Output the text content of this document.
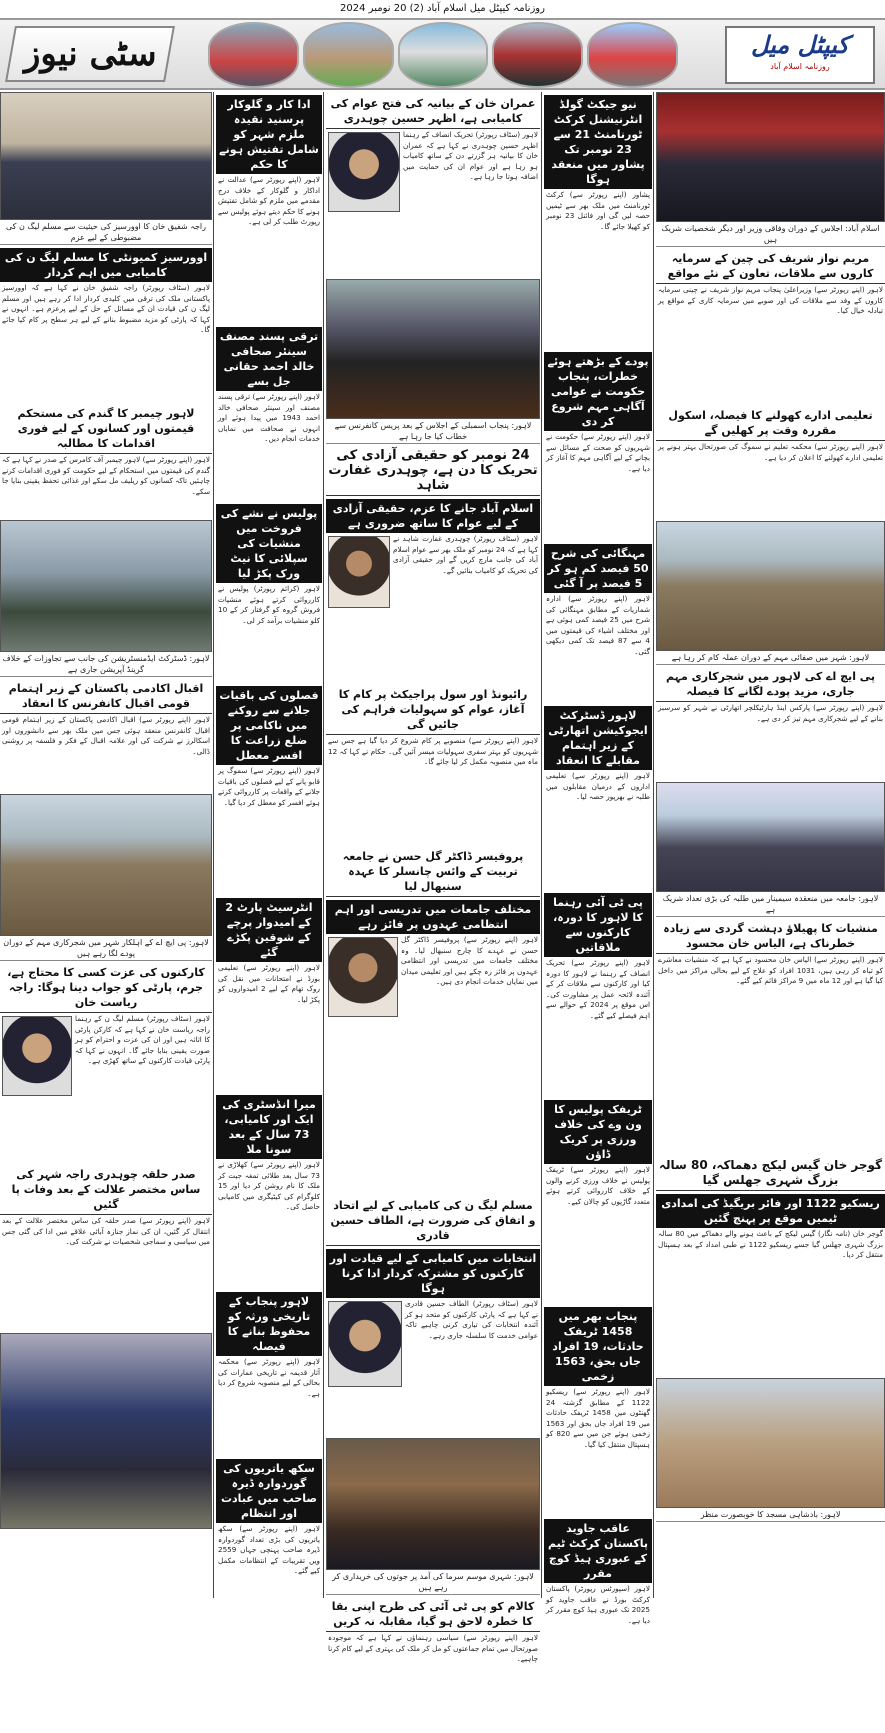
روزنامہ کیپٹل میل اسلام آباد (2) 20 نومبر 2024
سٹی نیوز	کیپٹل میل
روزنامہ اسلام آباد
راجہ شفیق خان کا اوورسیز کی حیثیت سے مسلم لیگ ن کی مضبوطی کے لیے عزم
اوورسیز کمیونٹی کا مسلم لیگ ن کی کامیابی میں اہم کردار
لاہور (سٹاف رپورٹر) راجہ شفیق خان نے کہا ہے کہ اوورسیز پاکستانی ملک کی ترقی میں کلیدی کردار ادا کر رہے ہیں اور مسلم لیگ ن کی قیادت ان کے مسائل کے حل کے لیے پرعزم ہے۔ انہوں نے کہا کہ پارٹی کو مزید مضبوط بنانے کے لیے ہر سطح پر کام کیا جائے گا۔
لاہور چیمبر کا گندم کی مستحکم قیمتوں اور کسانوں کے لیے فوری اقدامات کا مطالبہ
لاہور (اپنے رپورٹر سے) لاہور چیمبر آف کامرس کے صدر نے کہا ہے کہ گندم کی قیمتوں میں استحکام کے لیے حکومت کو فوری اقدامات کرنے چاہئیں تاکہ کسانوں کو ریلیف مل سکے اور غذائی تحفظ یقینی بنایا جا سکے۔
لاہور: ڈسٹرکٹ ایڈمنسٹریشن کی جانب سے تجاوزات کے خلاف گرینڈ آپریشن جاری ہے
اقبال اکادمی پاکستان کے زیر اہتمام قومی اقبال کانفرنس کا انعقاد
لاہور (اپنے رپورٹر سے) اقبال اکادمی پاکستان کے زیر اہتمام قومی اقبال کانفرنس منعقد ہوئی جس میں ملک بھر سے دانشوروں اور اسکالرز نے شرکت کی اور علامہ اقبال کے فکر و فلسفہ پر روشنی ڈالی۔
لاہور: پی ایچ اے کے اہلکار شہر میں شجرکاری مہم کے دوران پودے لگا رہے ہیں
کارکنوں کی عزت کسی کا محتاج ہے، جرم، پارٹی کو جواب دینا ہوگا: راجہ ریاست خان
لاہور (سٹاف رپورٹر) مسلم لیگ ن کے رہنما راجہ ریاست خان نے کہا ہے کہ کارکن پارٹی کا اثاثہ ہیں اور ان کی عزت و احترام کو ہر صورت یقینی بنایا جائے گا۔ انہوں نے کہا کہ پارٹی قیادت کارکنوں کے ساتھ کھڑی ہے۔
صدر حلقہ چوہدری راجہ شہر کی ساس مختصر علالت کے بعد وفات پا گئیں
لاہور (اپنے رپورٹر سے) صدر حلقہ کی ساس مختصر علالت کے بعد انتقال کر گئیں، ان کی نماز جنازہ آبائی علاقے میں ادا کی گئی جس میں سیاسی و سماجی شخصیات نے شرکت کی۔
ادا کار و گلوکار پرسنید نقیدہ ملزم شہر کو شامل تفتیش ہونے کا حکم
لاہور (اپنے رپورٹر سے) عدالت نے اداکار و گلوکار کے خلاف درج مقدمے میں ملزم کو شامل تفتیش ہونے کا حکم دیتے ہوئے پولیس سے رپورٹ طلب کر لی ہے۔
ترقی پسند مصنف سینئر صحافی خالد احمد حقانی جل بسے
لاہور (اپنے رپورٹر سے) ترقی پسند مصنف اور سینئر صحافی خالد احمد 1943 میں پیدا ہوئے اور انہوں نے صحافت میں نمایاں خدمات انجام دیں۔
پولیس نے نشے کی فروخت میں منشیات کی سپلائی کا نیٹ ورک پکڑ لیا
لاہور (کرائم رپورٹر) پولیس نے کارروائی کرتے ہوئے منشیات فروش گروہ کو گرفتار کر کے 10 کلو منشیات برآمد کر لی۔
فصلوں کی باقیات جلانے سے روکنے میں ناکامی پر ضلع زراعت کا افسر معطل
لاہور (اپنے رپورٹر سے) سموگ پر قابو پانے کے لیے فصلوں کی باقیات جلانے کے واقعات پر کارروائی کرتے ہوئے افسر کو معطل کر دیا گیا۔
انٹرسیٹ پارٹ 2 کے امیدوار پرچے کے شوقین پکڑے گئے
لاہور (اپنے رپورٹر سے) تعلیمی بورڈ نے امتحانات میں نقل کی روک تھام کے لیے 2 امیدواروں کو پکڑ لیا۔
میرا انڈسٹری کی ایک اور کامیابی، 73 سال کے بعد سونا ملا
لاہور (اپنے رپورٹر سے) کھلاڑی نے 73 سال بعد طلائی تمغہ جیت کر ملک کا نام روشن کر دیا اور 15 کلوگرام کی کیٹیگری میں کامیابی حاصل کی۔
لاہور پنجاب کے تاریخی ورثہ کو محفوظ بنانے کا فیصلہ
لاہور (اپنے رپورٹر سے) محکمہ آثار قدیمہ نے تاریخی عمارات کی بحالی کے لیے منصوبہ شروع کر دیا ہے۔
سکھ یاتریوں کی گوردوارہ ڈیرہ صاحب میں عبادت اور انتظام
لاہور (اپنے رپورٹر سے) سکھ یاتریوں کی بڑی تعداد گوردوارہ ڈیرہ صاحب پہنچی جہاں 2559 ویں تقریبات کے انتظامات مکمل کیے گئے۔
عمران خان کے بیانیہ کی فتح عوام کی کامیابی ہے، اظہر حسین چوہدری
لاہور (سٹاف رپورٹر) تحریک انصاف کے رہنما اظہر حسین چوہدری نے کہا ہے کہ عمران خان کا بیانیہ ہر گزرتے دن کے ساتھ کامیاب ہو رہا ہے اور عوام ان کی حمایت میں اضافہ ہوتا جا رہا ہے۔
لاہور: پنجاب اسمبلی کے اجلاس کے بعد پریس کانفرنس سے خطاب کیا جا رہا ہے
24 نومبر کو حقیقی آزادی کی تحریک کا دن ہے، چوہدری غفارت شاہد
اسلام آباد جانے کا عزم، حقیقی آزادی کے لیے عوام کا ساتھ ضروری ہے
لاہور (سٹاف رپورٹر) چوہدری غفارت شاہد نے کہا ہے کہ 24 نومبر کو ملک بھر سے عوام اسلام آباد کی جانب مارچ کریں گے اور حقیقی آزادی کی تحریک کو کامیاب بنائیں گے۔
رائیونڈ اور سول پراجیکٹ پر کام کا آغاز، عوام کو سہولیات فراہم کی جائیں گی
لاہور (اپنے رپورٹر سے) منصوبے پر کام شروع کر دیا گیا ہے جس سے شہریوں کو بہتر سفری سہولیات میسر آئیں گی۔ حکام نے کہا کہ 12 ماہ میں منصوبہ مکمل کر لیا جائے گا۔
پروفیسر ڈاکٹر گل حسن نے جامعہ تربیت کے وائس چانسلر کا عہدہ سنبھال لیا
مختلف جامعات میں تدریسی اور اہم انتظامی عہدوں پر فائز رہے
لاہور (اپنے رپورٹر سے) پروفیسر ڈاکٹر گل حسن نے عہدے کا چارج سنبھال لیا۔ وہ مختلف جامعات میں تدریسی اور انتظامی عہدوں پر فائز رہ چکے ہیں اور تعلیمی میدان میں نمایاں خدمات انجام دی ہیں۔
مسلم لیگ ن کی کامیابی کے لیے اتحاد و اتفاق کی ضرورت ہے، الطاف حسین قادری
انتخابات میں کامیابی کے لیے قیادت اور کارکنوں کو مشترکہ کردار ادا کرنا ہوگا
لاہور (سٹاف رپورٹر) الطاف حسین قادری نے کہا ہے کہ پارٹی کارکنوں کو متحد ہو کر آئندہ انتخابات کی تیاری کرنی چاہیے تاکہ عوامی خدمت کا سلسلہ جاری رہے۔
لاہور: شہری موسم سرما کی آمد پر جوتوں کی خریداری کر رہے ہیں
کالام کو پی ٹی آئی کی طرح اپنی بقا کا خطرہ لاحق ہو گیا، مقابلہ نہ کریں
لاہور (اپنے رپورٹر سے) سیاسی رہنماؤں نے کہا ہے کہ موجودہ صورتحال میں تمام جماعتوں کو مل کر ملک کی بہتری کے لیے کام کرنا چاہیے۔
نیو جیکٹ گولڈ انٹرنیشنل کرکٹ ٹورنامنٹ 21 سے 23 نومبر تک پشاور میں منعقد ہوگا
پشاور (اپنے رپورٹر سے) کرکٹ ٹورنامنٹ میں ملک بھر سے ٹیمیں حصہ لیں گی اور فائنل 23 نومبر کو کھیلا جائے گا۔
پودے کے بڑھتے ہوئے خطرات، پنجاب حکومت نے عوامی آگاہی مہم شروع کر دی
لاہور (اپنے رپورٹر سے) حکومت نے شہریوں کو صحت کے مسائل سے بچانے کے لیے آگاہی مہم کا آغاز کر دیا ہے۔
مہنگائی کی شرح 50 فیصد کم ہو کر 5 فیصد پر آ گئی
لاہور (اپنے رپورٹر سے) ادارہ شماریات کے مطابق مہنگائی کی شرح میں 25 فیصد کمی ہوئی ہے اور مختلف اشیاء کی قیمتوں میں 4 سے 87 فیصد تک کمی دیکھی گئی۔
لاہور ڈسٹرکٹ ایجوکیشن اتھارٹی کے زیر اہتمام مقابلے کا انعقاد
لاہور (اپنے رپورٹر سے) تعلیمی اداروں کے درمیان مقابلوں میں طلبہ نے بھرپور حصہ لیا۔
پی ٹی آئی رہنما کا لاہور کا دورہ، کارکنوں سے ملاقاتیں
لاہور (اپنے رپورٹر سے) تحریک انصاف کے رہنما نے لاہور کا دورہ کیا اور کارکنوں سے ملاقات کر کے آئندہ لائحہ عمل پر مشاورت کی۔ اس موقع پر 2024 کے حوالے سے اہم فیصلے کیے گئے۔
ٹریفک پولیس کا ون وے کی خلاف ورزی پر کریک ڈاؤن
لاہور (اپنے رپورٹر سے) ٹریفک پولیس نے خلاف ورزی کرنے والوں کے خلاف کارروائی کرتے ہوئے متعدد گاڑیوں کو چالان کیے۔
پنجاب بھر میں 1458 ٹریفک حادثات، 19 افراد جاں بحق، 1563 زخمی
لاہور (اپنے رپورٹر سے) ریسکیو 1122 کے مطابق گزشتہ 24 گھنٹوں میں 1458 ٹریفک حادثات میں 19 افراد جاں بحق اور 1563 زخمی ہوئے جن میں سے 820 کو ہسپتال منتقل کیا گیا۔
عاقب جاوید پاکستان کرکٹ ٹیم کے عبوری ہیڈ کوچ مقرر
لاہور (سپورٹس رپورٹر) پاکستان کرکٹ بورڈ نے عاقب جاوید کو 2025 تک عبوری ہیڈ کوچ مقرر کر دیا ہے۔
اسلام آباد: اجلاس کے دوران وفاقی وزیر اور دیگر شخصیات شریک ہیں
مریم نواز شریف کی چین کے سرمایہ کاروں سے ملاقات، تعاون کے نئے مواقع
لاہور (اپنے رپورٹر سے) وزیراعلیٰ پنجاب مریم نواز شریف نے چینی سرمایہ کاروں کے وفد سے ملاقات کی اور صوبے میں سرمایہ کاری کے مواقع پر تبادلہ خیال کیا۔
تعلیمی ادارے کھولنے کا فیصلہ، اسکول مقررہ وقت پر کھلیں گے
لاہور (اپنے رپورٹر سے) محکمہ تعلیم نے سموگ کی صورتحال بہتر ہونے پر تعلیمی ادارے کھولنے کا اعلان کر دیا ہے۔
لاہور: شہر میں صفائی مہم کے دوران عملہ کام کر رہا ہے
پی ایچ اے کی لاہور میں شجرکاری مہم جاری، مزید پودے لگانے کا فیصلہ
لاہور (اپنے رپورٹر سے) پارکس اینڈ ہارٹیکلچر اتھارٹی نے شہر کو سرسبز بنانے کے لیے شجرکاری مہم تیز کر دی ہے۔
لاہور: جامعہ میں منعقدہ سیمینار میں طلبہ کی بڑی تعداد شریک ہے
منشیات کا پھیلاؤ دہشت گردی سے زیادہ خطرناک ہے، الیاس خان محسود
لاہور (اپنے رپورٹر سے) الیاس خان محسود نے کہا ہے کہ منشیات معاشرے کو تباہ کر رہی ہیں، 1031 افراد کو علاج کے لیے بحالی مراکز میں داخل کیا گیا ہے اور 12 ماہ میں 9 مراکز قائم کیے گئے۔
گوجر خان گیس لیکج دھماکہ، 80 سالہ بزرگ شہری جھلس گیا
ریسکیو 1122 اور فائر بریگیڈ کی امدادی ٹیمیں موقع پر پہنچ گئیں
گوجر خان (نامہ نگار) گیس لیکج کے باعث ہونے والے دھماکے میں 80 سالہ بزرگ شہری جھلس گیا جسے ریسکیو 1122 نے طبی امداد کے بعد ہسپتال منتقل کر دیا۔
لاہور: بادشاہی مسجد کا خوبصورت منظر
